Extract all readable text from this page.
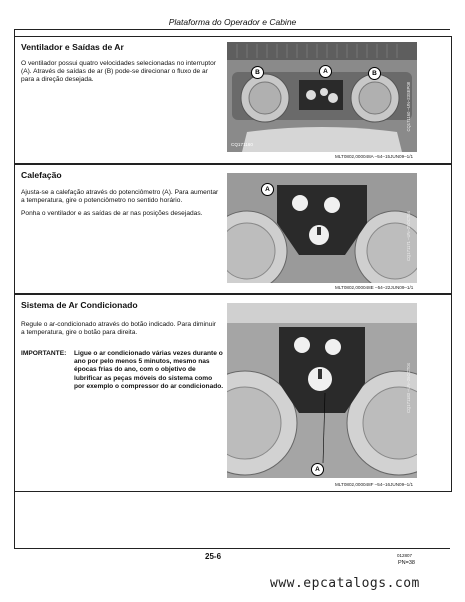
Plataforma do Operador e Cabine
Ventilador e Saídas de Ar

O ventilador possui quatro velocidades selecionadas no interruptor (A). Através de saídas de ar (B) pode-se direcionar o fluxo de ar para a direção desejada.

A
B	B
CQ171160
CQ171160 –UN–23SEP08
MLT0802,000048A –54–15JUN09–1/1
Calefação

Ajusta-se a calefação através do potenciômetro (A). Para aumentar a temperatura, gire o potenciômetro no sentido horário.

Ponha o ventilador e as saídas de ar nas posições desejadas.

A
CQ171171 –UN–25OCT04
MLT0802,000048E –54–22JUN09–1/1
Sistema de Ar Condicionado

Regule o ar-condicionado através do botão indicado. Para diminuir a temperatura, gire o botão para direita.

IMPORTANTE: Ligue o ar condicionado várias vezes durante o ano por pelo menos 5 minutos, mesmo nas épocas frias do ano, com o objetivo de lubrificar as peças móveis do sistema como por exemplo o compressor do ar condicionado.
A
CQ171183 –UN–25OCT04
MLT0802,000048F –54–16JUN09–1/1
25-6	012807
PN=38
www.epcatalogs.com
